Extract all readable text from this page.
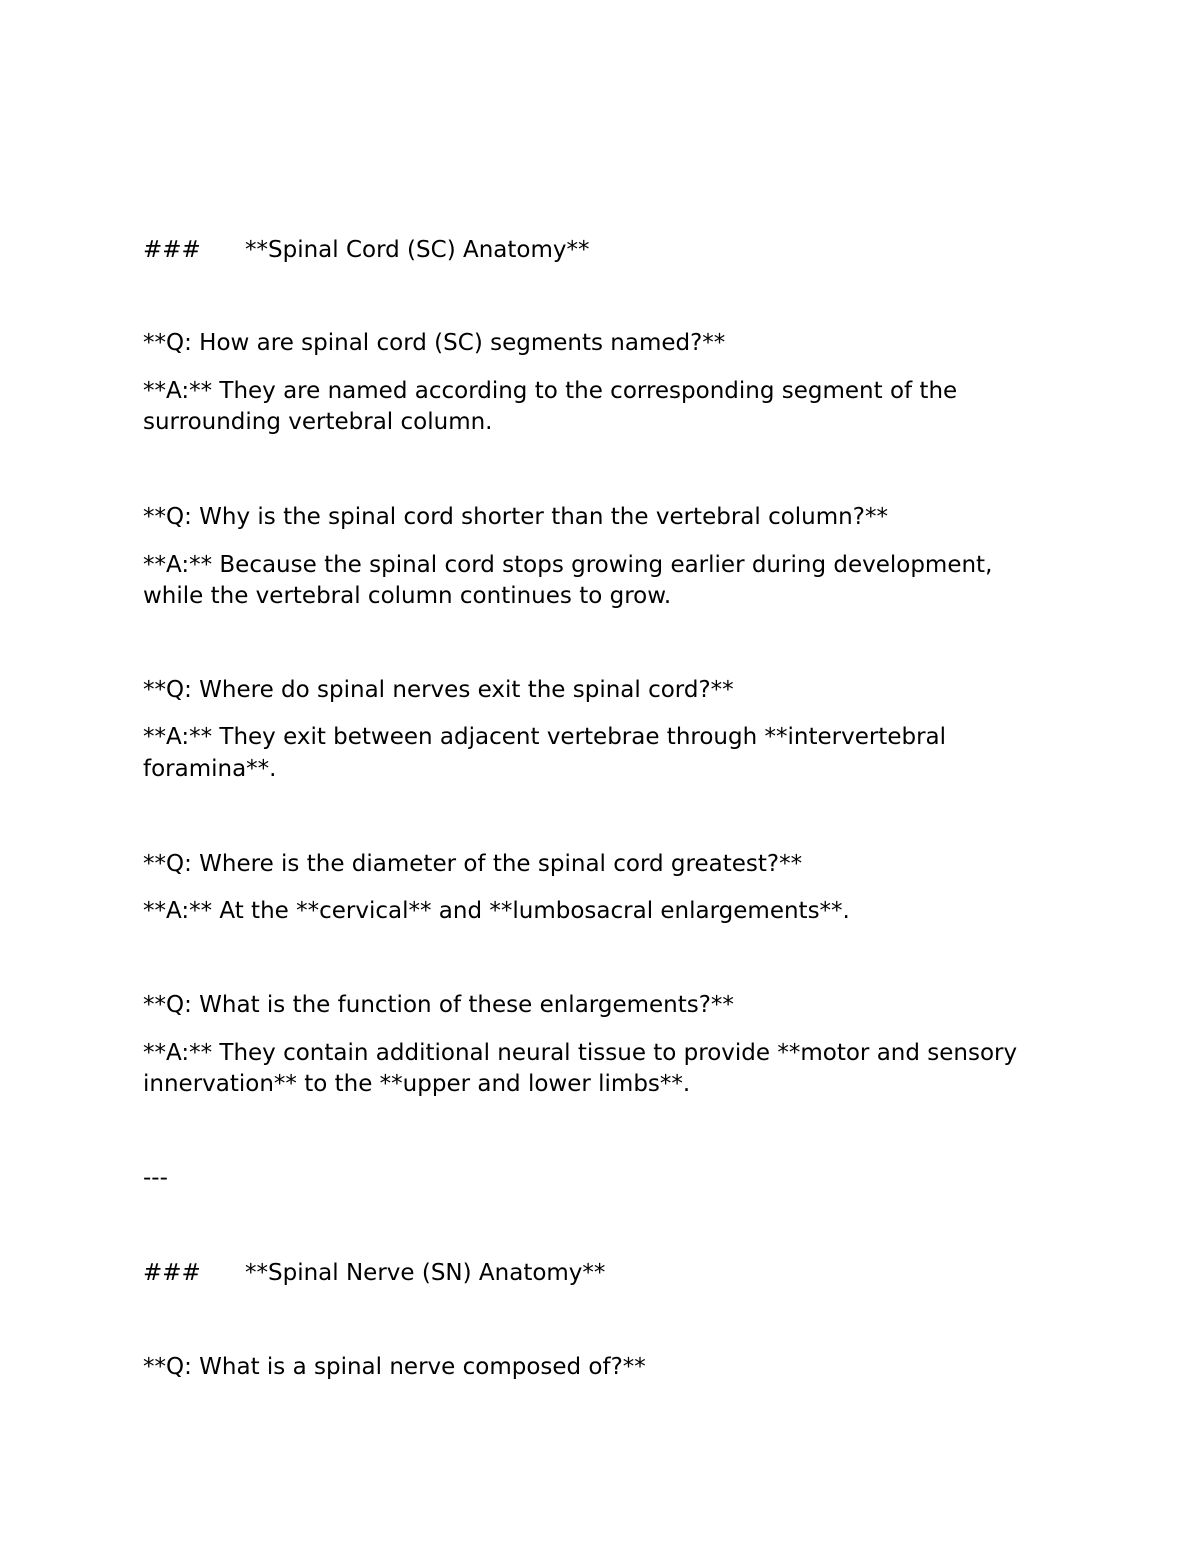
### **Spinal Cord (SC) Anatomy**
**Q: How are spinal cord (SC) segments named?**
**A:** They are named according to the corresponding segment of the
surrounding vertebral column.
**Q: Why is the spinal cord shorter than the vertebral column?**
**A:** Because the spinal cord stops growing earlier during development,
while the vertebral column continues to grow.
**Q: Where do spinal nerves exit the spinal cord?**
**A:** They exit between adjacent vertebrae through **intervertebral
foramina**.
**Q: Where is the diameter of the spinal cord greatest?**
**A:** At the **cervical** and **lumbosacral enlargements**.
**Q: What is the function of these enlargements?**
**A:** They contain additional neural tissue to provide **motor and sensory
innervation** to the **upper and lower limbs**.
---
### **Spinal Nerve (SN) Anatomy**
**Q: What is a spinal nerve composed of?**
